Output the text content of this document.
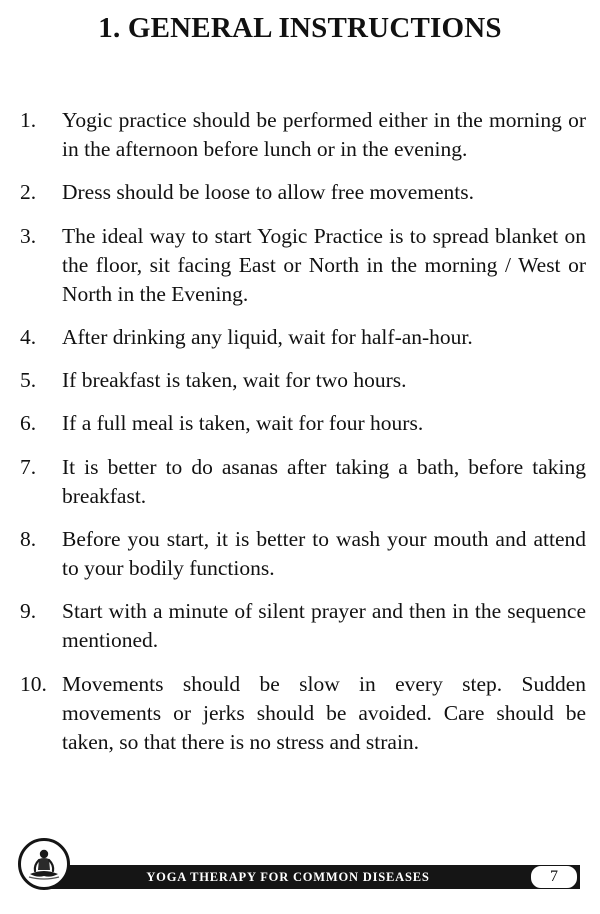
1. GENERAL INSTRUCTIONS
1.	Yogic practice should be performed either in the morning or in the afternoon before lunch or in the evening.
2.	Dress should be loose to allow free movements.
3.	The ideal way to start Yogic Practice is to spread blanket on the floor, sit facing East or North in the morning / West or North in the Evening.
4.	After drinking any liquid, wait for half-an-hour.
5.	If breakfast is taken, wait for two hours.
6.	If a full meal is taken, wait for four hours.
7.	It is better to do asanas after taking a bath, before taking breakfast.
8.	Before you start, it is better to wash your mouth and attend to your bodily functions.
9.	Start with a minute of silent prayer and then in the sequence mentioned.
10. Movements should be slow in every step. Sudden movements or jerks should be avoided. Care should be taken, so that there is no stress and strain.
YOGA THERAPY FOR COMMON DISEASES	7
